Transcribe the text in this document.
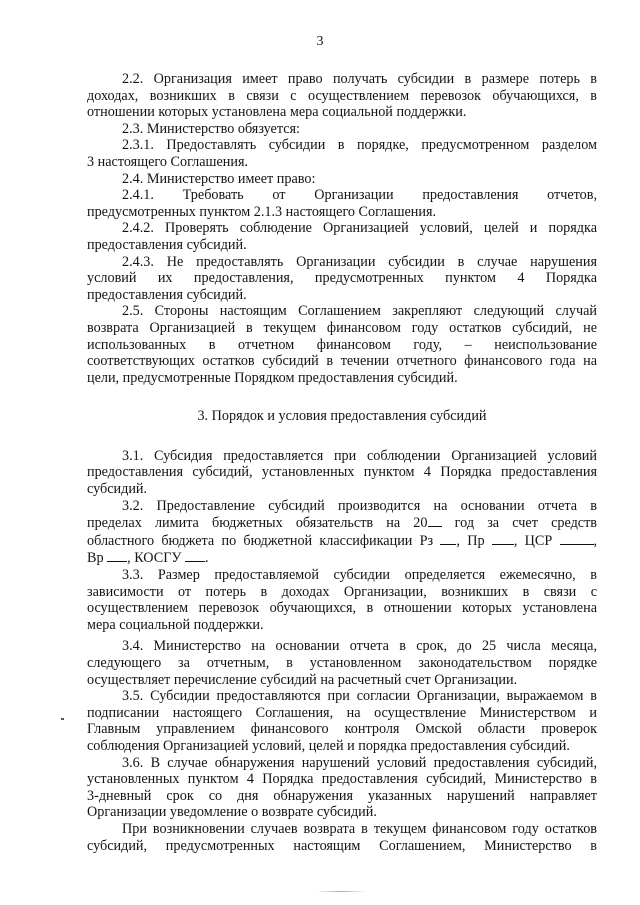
3

2.2. Организация имеет право получать субсидии в размере потерь в
доходах, возникших в связи с осуществлением перевозок обучающихся, в
отношении которых установлена мера социальной поддержки.

2.3. Министерство обязуется:

2.3.1. Предоставлять субсидии в порядке, предусмотренном разделом
3 настоящего Соглашения.

2.4. Министерство имеет право:

2.4.1. Требовать от Организации предоставления отчетов,
предусмотренных пунктом 2.1.3 настоящего Соглашения.

2.4.2. Проверять соблюдение Организацией условий, целей и порядка
предоставления субсидий.

2.4.3. Не предоставлять Организации субсидии в случае нарушения
условий их предоставления, предусмотренных пунктом 4 Порядка
предоставления субсидий.

2.5. Стороны настоящим Соглашением закрепляют следующий случай
возврата Организацией в текущем финансовом году остатков субсидий, не
использованных в отчетном финансовом году, – неиспользование
соответствующих остатков субсидий в течении отчетного финансового года на
цели, предусмотренные Порядком предоставления субсидий.

3. Порядок и условия предоставления субсидий

3.1. Субсидия предоставляется при соблюдении Организацией условий
предоставления субсидий, установленных пунктом 4 Порядка предоставления
субсидий.

3.2. Предоставление субсидий производится на основании отчета в
пределах лимита бюджетных обязательств на 20 год за счет средств
областного бюджета по бюджетной классификации Рз , Пр , ЦСР	,
Вр , КОСГУ .

3.3. Размер предоставляемой субсидии определяется ежемесячно, в
зависимости от потерь в доходах Организации, возникших в связи с
осуществлением перевозок обучающихся, в отношении которых установлена
мера социальной поддержки.

3.4. Министерство на основании отчета в срок, до 25 числа месяца,
следующего за отчетным, в установленном законодательством порядке
осуществляет перечисление субсидий на расчетный счет Организации.

3.5. Субсидии предоставляются при согласии Организации, выражаемом в
подписании настоящего Соглашения, на осуществление Министерством и
Главным управлением финансового контроля Омской области проверок
соблюдения Организацией условий, целей и порядка предоставления субсидий.

3.6. В случае обнаружения нарушений условий предоставления субсидий,
установленных пунктом 4 Порядка предоставления субсидий, Министерство в
3-дневный срок со дня обнаружения указанных нарушений направляет
Организации уведомление о возврате субсидий.

При возникновении случаев возврата в текущем финансовом году остатков
субсидий, предусмотренных настоящим Соглашением, Министерство в
